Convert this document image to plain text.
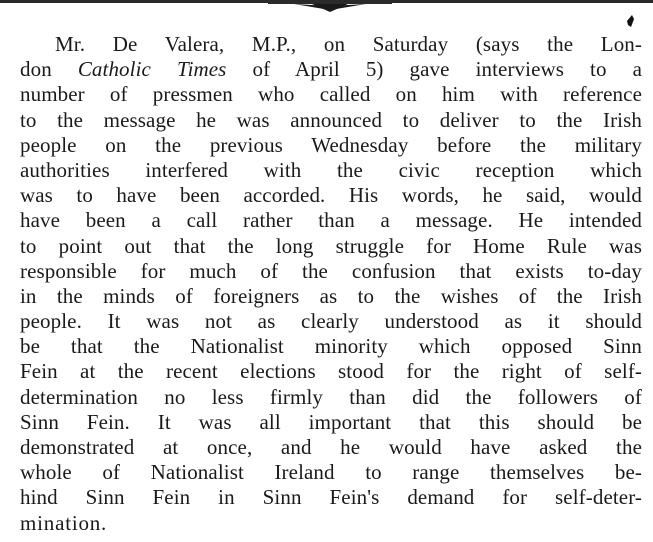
Mr. De Valera, M.P., on Saturday (says the Lon-
don Catholic Times of April 5) gave interviews to a
number of pressmen who called on him with reference
to the message he was announced to deliver to the Irish
people on the previous Wednesday before the military
authorities interfered with the civic reception which
was to have been accorded. His words, he said, would
have been a call rather than a message. He intended
to point out that the long struggle for Home Rule was
responsible for much of the confusion that exists to-day
in the minds of foreigners as to the wishes of the Irish
people. It was not as clearly understood as it should
be that the Nationalist minority which opposed Sinn
Fein at the recent elections stood for the right of self-
determination no less firmly than did the followers of
Sinn Fein. It was all important that this should be
demonstrated at once, and he would have asked the
whole of Nationalist Ireland to range themselves be-
hind Sinn Fein in Sinn Fein's demand for self-deter-
mination.
